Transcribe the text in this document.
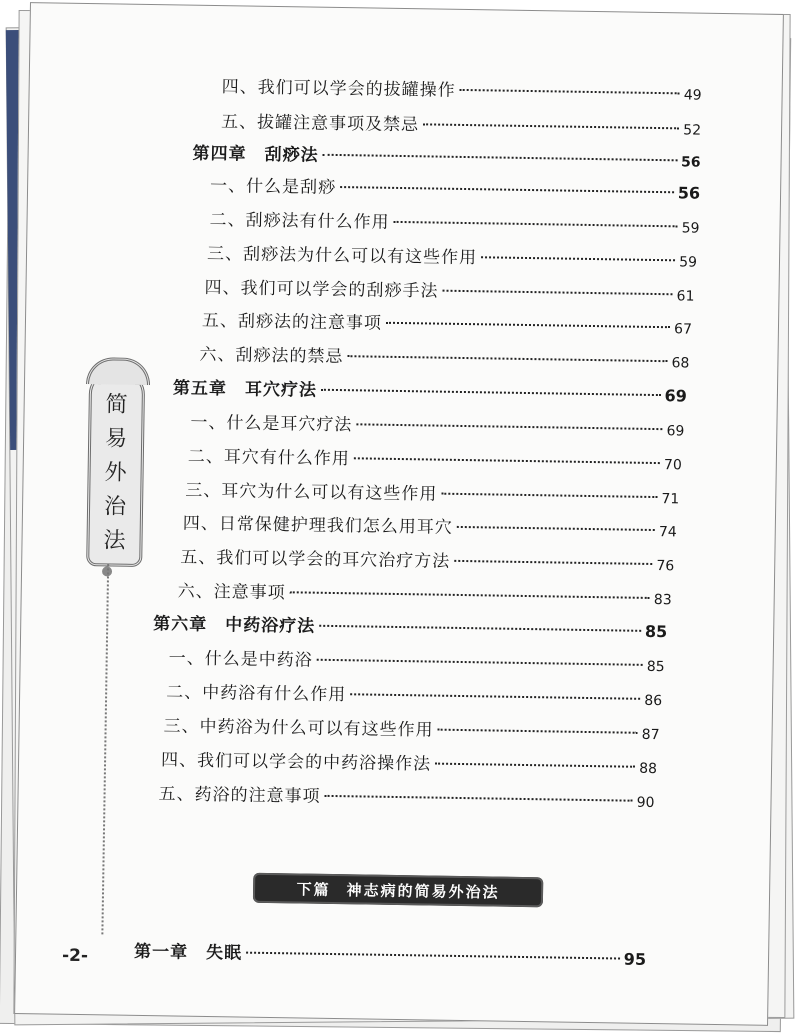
四、我们可以学会的拔罐操作	49
五、拔罐注意事项及禁忌	52
第四章　刮痧法	56
一、什么是刮痧	56
二、刮痧法有什么作用	59
三、刮痧法为什么可以有这些作用	59
四、我们可以学会的刮痧手法	61
五、刮痧法的注意事项	67
六、刮痧法的禁忌	68
第五章　耳穴疗法	69
一、什么是耳穴疗法	69
二、耳穴有什么作用	70
三、耳穴为什么可以有这些作用	71
四、日常保健护理我们怎么用耳穴	74
五、我们可以学会的耳穴治疗方法	76
六、注意事项	83
第六章　中药浴疗法	85
一、什么是中药浴	85
二、中药浴有什么作用	86
三、中药浴为什么可以有这些作用	87
四、我们可以学会的中药浴操作法	88
五、药浴的注意事项	90
简
易
外
治
法
下篇 神志病的简易外治法
第一章　失眠	95
-2-
